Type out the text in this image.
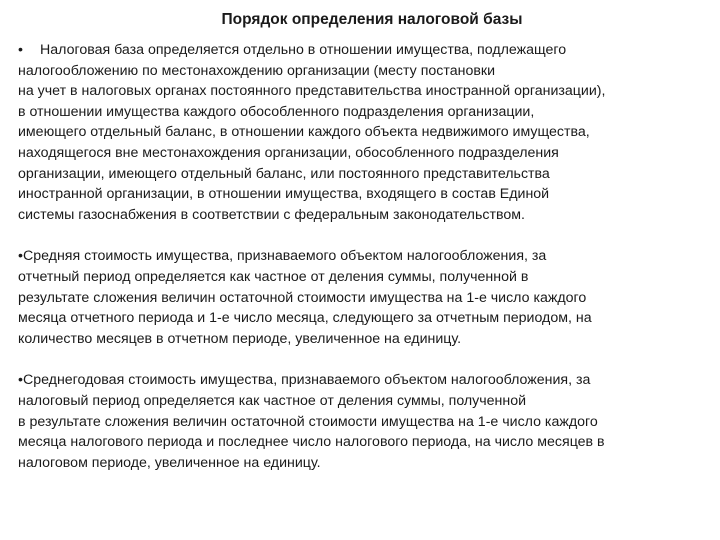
Порядок определения налоговой базы
• Налоговая база определяется отдельно в отношении имущества, подлежащего
налогообложению по местонахождению организации (месту постановки
на учет в налоговых органах постоянного представительства иностранной организации),
в отношении имущества каждого обособленного подразделения организации,
имеющего отдельный баланс, в отношении каждого объекта недвижимого имущества,
находящегося вне местонахождения организации, обособленного подразделения
организации, имеющего отдельный баланс, или постоянного представительства
иностранной организации, в отношении имущества, входящего в состав Единой
системы газоснабжения в соответствии с федеральным законодательством.
•Средняя стоимость имущества, признаваемого объектом налогообложения, за
отчетный период определяется как частное от деления суммы, полученной в
результате сложения величин остаточной стоимости имущества на 1-е число каждого
месяца отчетного периода и 1-е число месяца, следующего за отчетным периодом, на
количество месяцев в отчетном периоде, увеличенное на единицу.
•Среднегодовая стоимость имущества, признаваемого объектом налогообложения, за
налоговый период определяется как частное от деления суммы, полученной
в результате сложения величин остаточной стоимости имущества на 1-е число каждого
месяца налогового периода и последнее число налогового периода, на число месяцев в
налоговом периоде, увеличенное на единицу.
